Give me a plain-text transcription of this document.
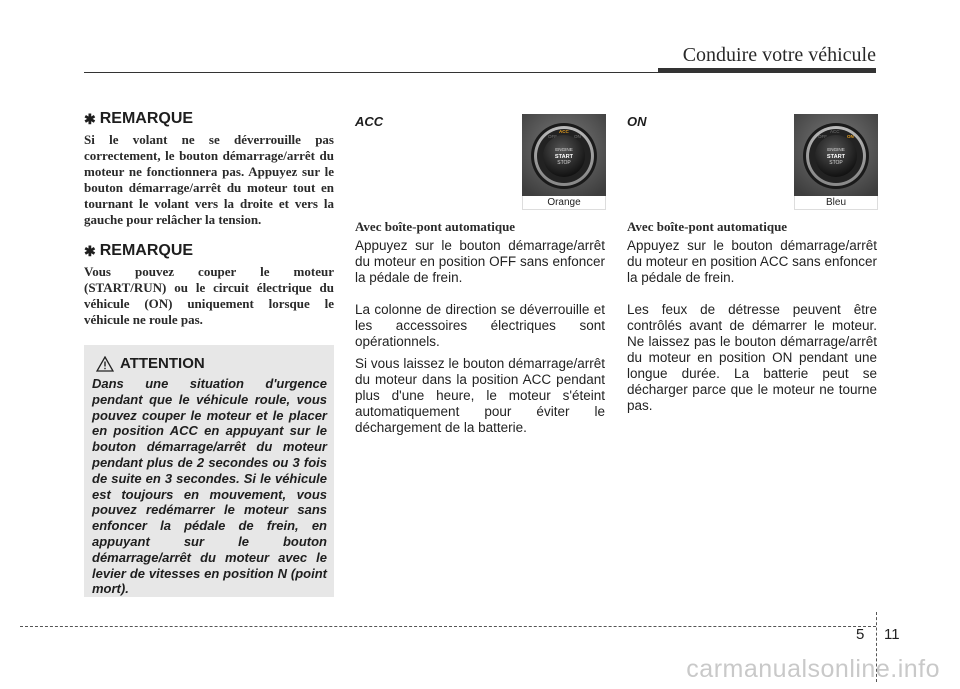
Conduire votre véhicule
✱ REMARQUE

Si le volant ne se déverrouille pas correctement, le bouton démarrage/arrêt du moteur ne fonctionnera pas. Appuyez sur le bouton démarrage/arrêt du moteur tout en tournant le volant vers la droite et vers la gauche pour relâcher la tension.

✱ REMARQUE

Vous pouvez couper le moteur (START/RUN) ou le circuit électrique du véhicule (ON) uniquement lorsque le véhicule ne roule pas.

ATTENTION
Dans une situation d'urgence pendant que le véhicule roule, vous pouvez couper le moteur et le placer en position ACC en appuyant sur le bouton démarrage/arrêt du moteur pendant plus de 2 secondes ou 3 fois de suite en 3 secondes. Si le véhicule est toujours en mouvement, vous pouvez redémarrer le moteur sans enfoncer la pédale de frein, en appuyant sur le bouton démarrage/arrêt du moteur avec le levier de vitesses en position N (point mort).
ACC
OFF
ACC
ON
ENGINE
START
STOP
Orange
Avec boîte-pont automatique

Appuyez sur le bouton démarrage/arrêt du moteur en position OFF sans enfoncer la pédale de frein.

La colonne de direction se déverrouille et les accessoires électriques sont opérationnels.

Si vous laissez le bouton démarrage/arrêt du moteur dans la position ACC pendant plus d'une heure, le moteur s'éteint automatiquement pour éviter le déchargement de la batterie.

ON
OFF
ACC
ON
ENGINE
START
STOP
Bleu
Avec boîte-pont automatique

Appuyez sur le bouton démarrage/arrêt du moteur en position ACC sans enfoncer la pédale de frein.

Les feux de détresse peuvent être contrôlés avant de démarrer le moteur. Ne laissez pas le bouton démarrage/arrêt du moteur en position ON pendant une longue durée. La batterie peut se décharger parce que le moteur ne tourne pas.

5 11
carmanualsonline.info
